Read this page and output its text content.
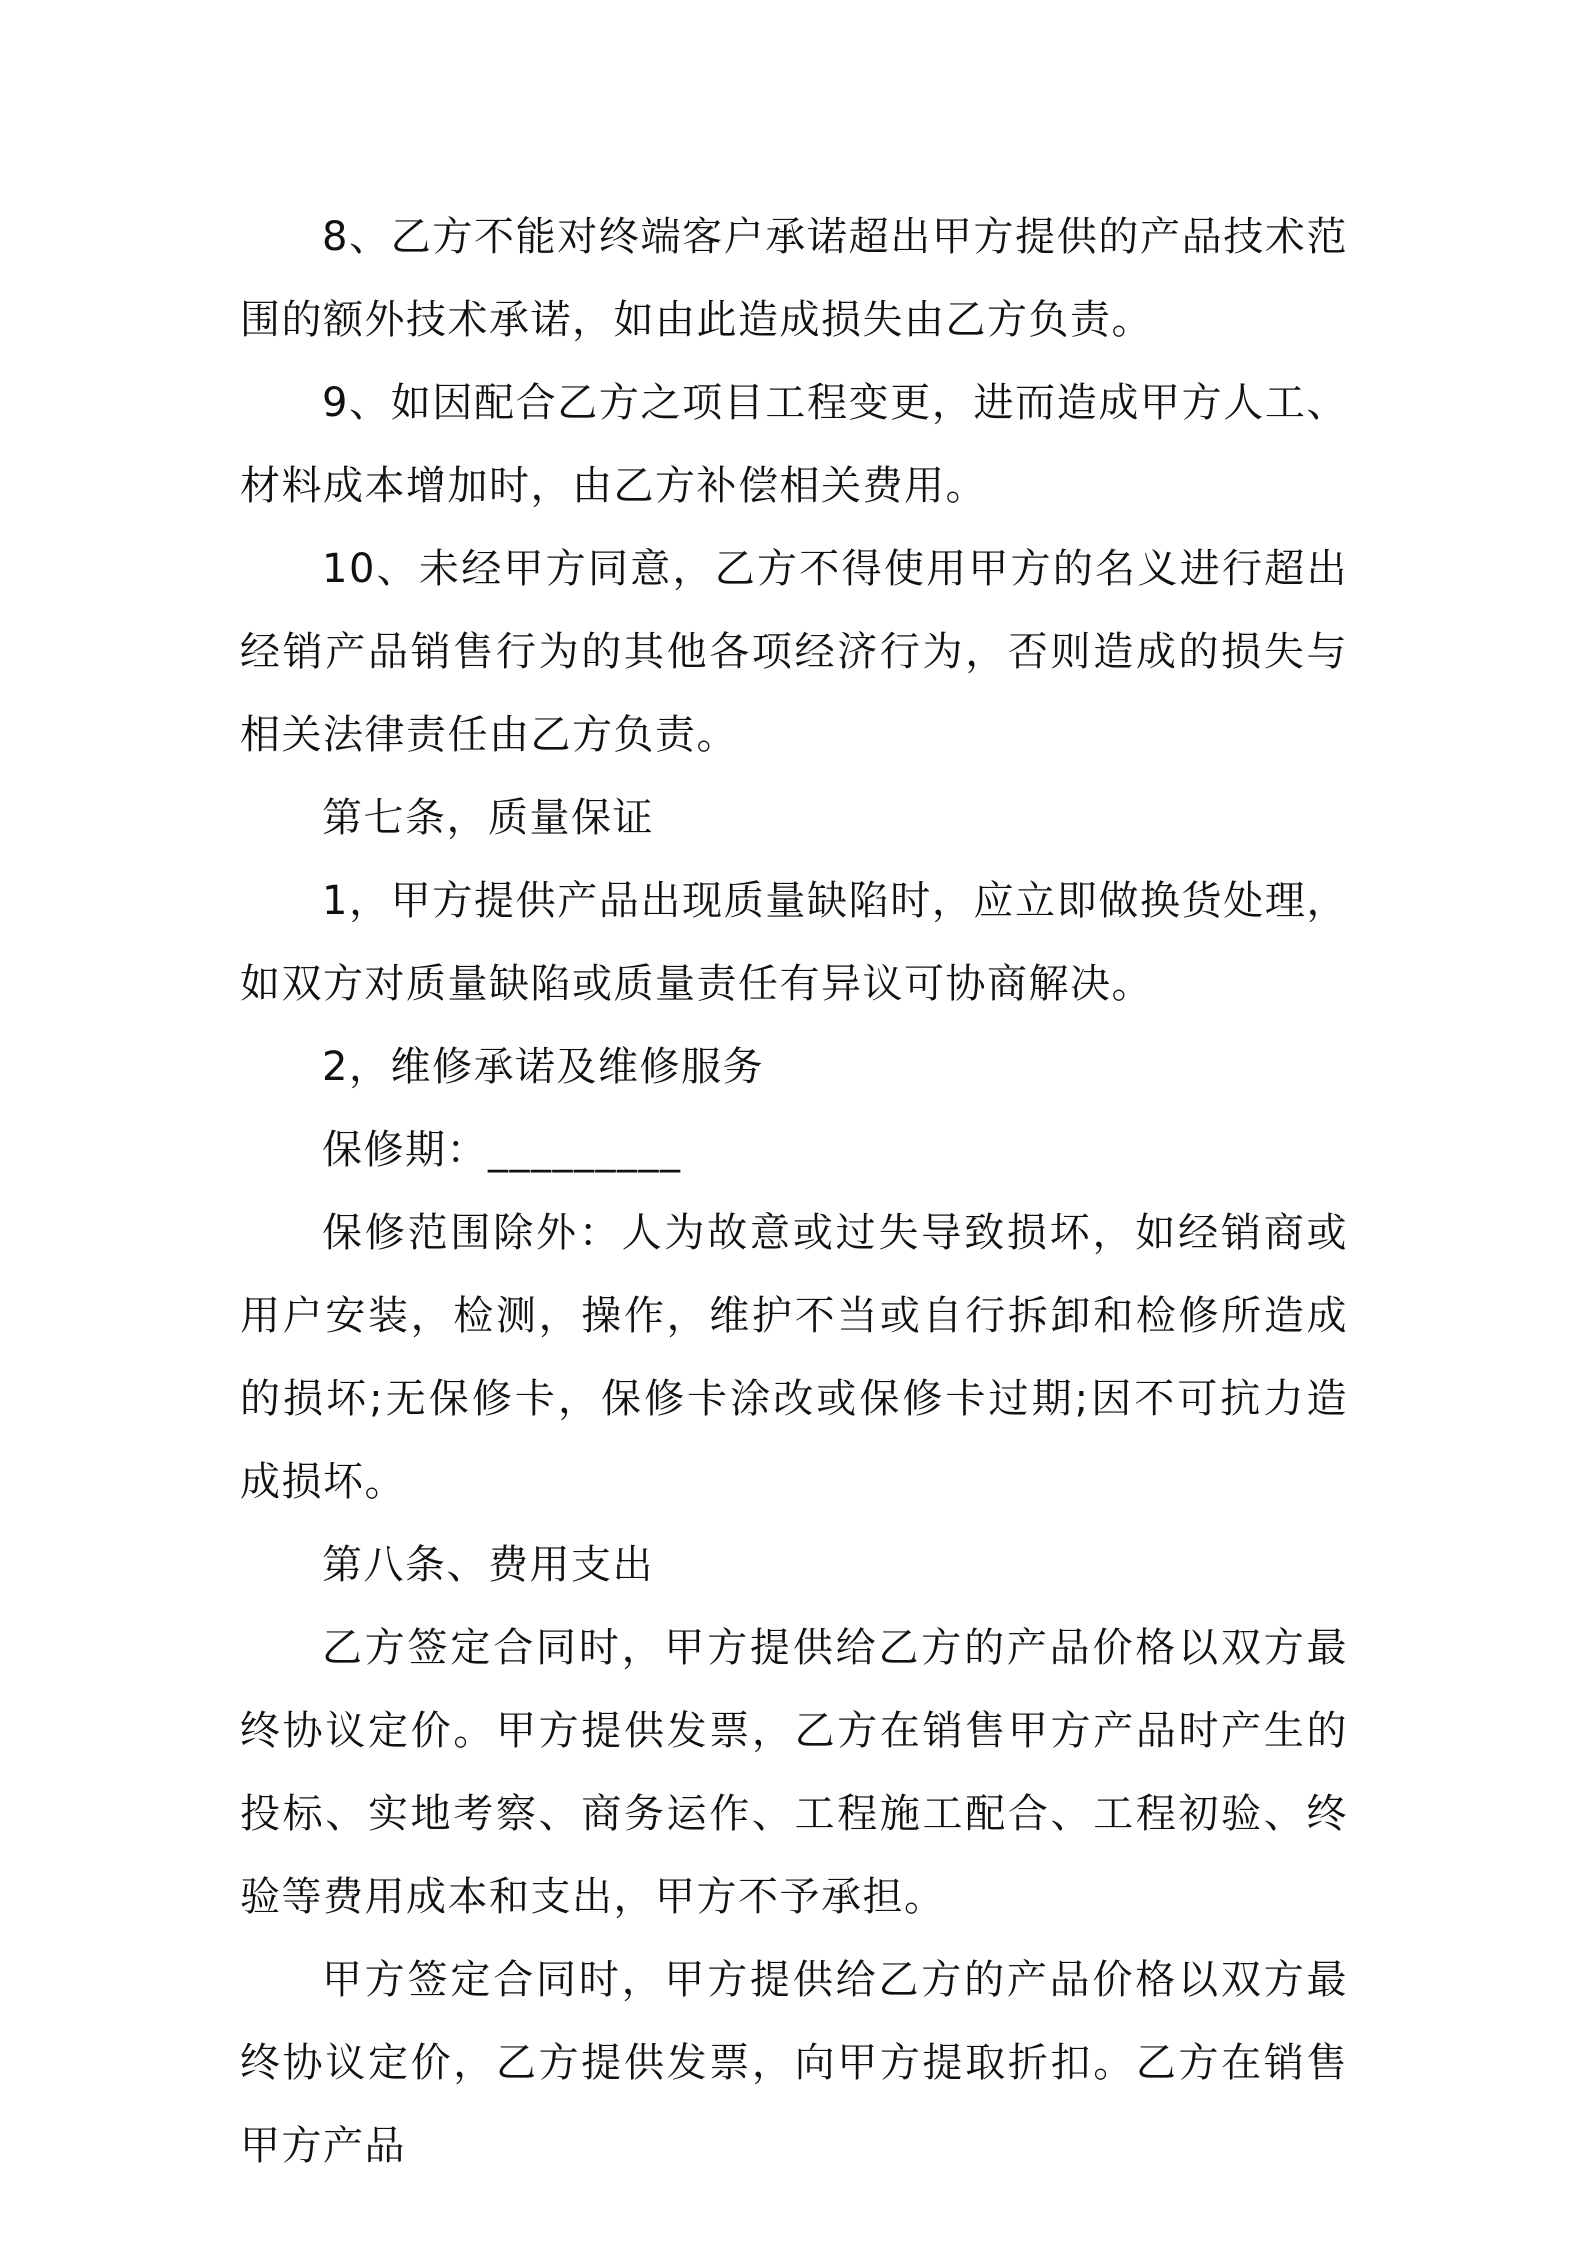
8、乙方不能对终端客户承诺超出甲方提供的产品技术范围的额外技术承诺，如由此造成损失由乙方负责。

9、如因配合乙方之项目工程变更，进而造成甲方人工、材料成本增加时，由乙方补偿相关费用。

10、未经甲方同意，乙方不得使用甲方的名义进行超出经销产品销售行为的其他各项经济行为，否则造成的损失与相关法律责任由乙方负责。

第七条，质量保证

1，甲方提供产品出现质量缺陷时，应立即做换货处理，如双方对质量缺陷或质量责任有异议可协商解决。

2，维修承诺及维修服务

保修期：_________

保修范围除外：人为故意或过失导致损坏，如经销商或用户安装，检测，操作，维护不当或自行拆卸和检修所造成的损坏;无保修卡，保修卡涂改或保修卡过期;因不可抗力造成损坏。

第八条、费用支出

乙方签定合同时，甲方提供给乙方的产品价格以双方最终协议定价。甲方提供发票，乙方在销售甲方产品时产生的投标、实地考察、商务运作、工程施工配合、工程初验、终验等费用成本和支出，甲方不予承担。

甲方签定合同时，甲方提供给乙方的产品价格以双方最终协议定价，乙方提供发票，向甲方提取折扣。乙方在销售甲方产品
